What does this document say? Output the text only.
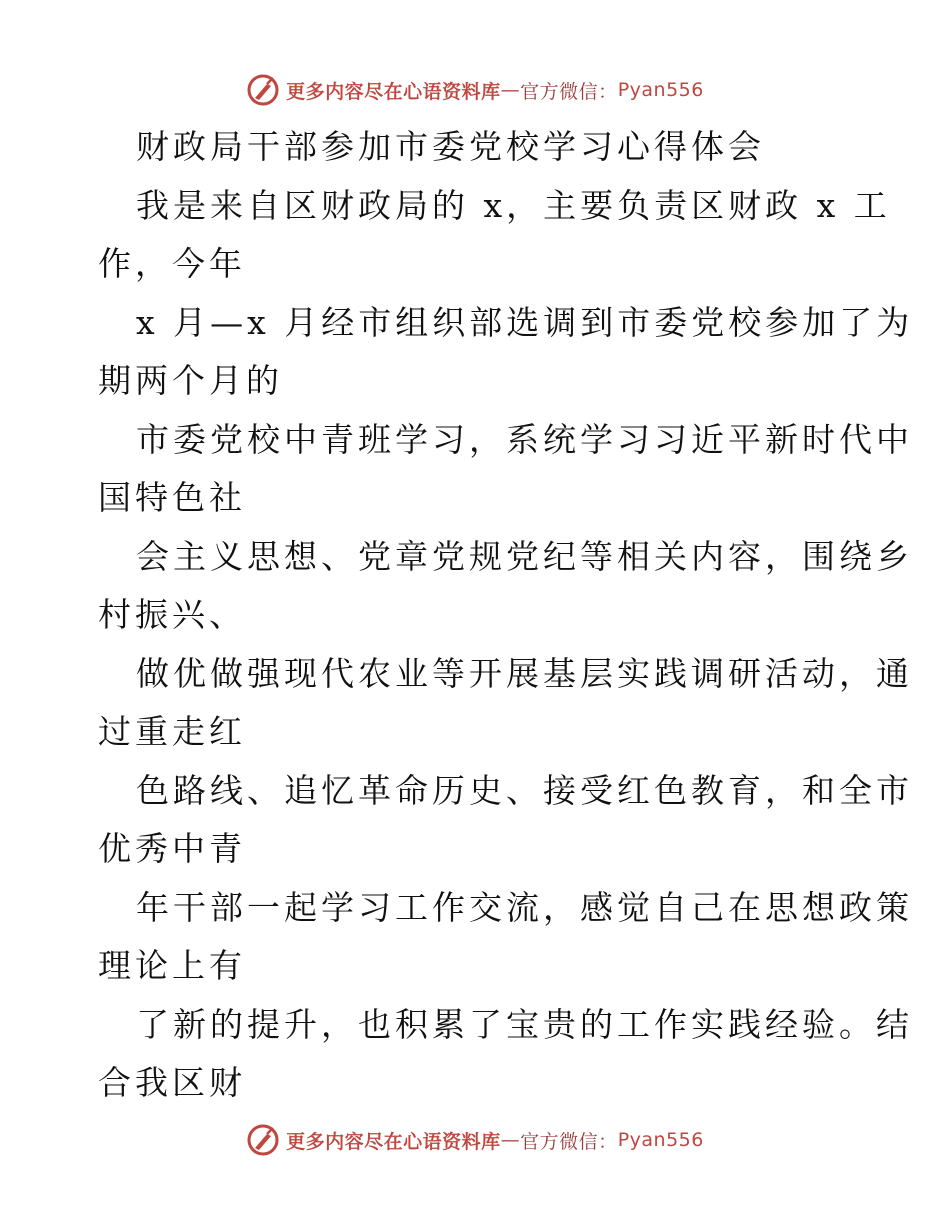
更多内容尽在心语资料库 — 官方微信： Pyan556
财政局干部参加市委党校学习心得体会
我是来自区财政局的 x，主要负责区财政 x 工
作，今年
x 月—x 月经市组织部选调到市委党校参加了为
期两个月的
市委党校中青班学习，系统学习习近平新时代中
国特色社
会主义思想、党章党规党纪等相关内容，围绕乡
村振兴、
做优做强现代农业等开展基层实践调研活动，通
过重走红
色路线、追忆革命历史、接受红色教育，和全市
优秀中青
年干部一起学习工作交流，感觉自己在思想政策
理论上有
了新的提升，也积累了宝贵的工作实践经验。结
合我区财
更多内容尽在心语资料库 — 官方微信： Pyan556
